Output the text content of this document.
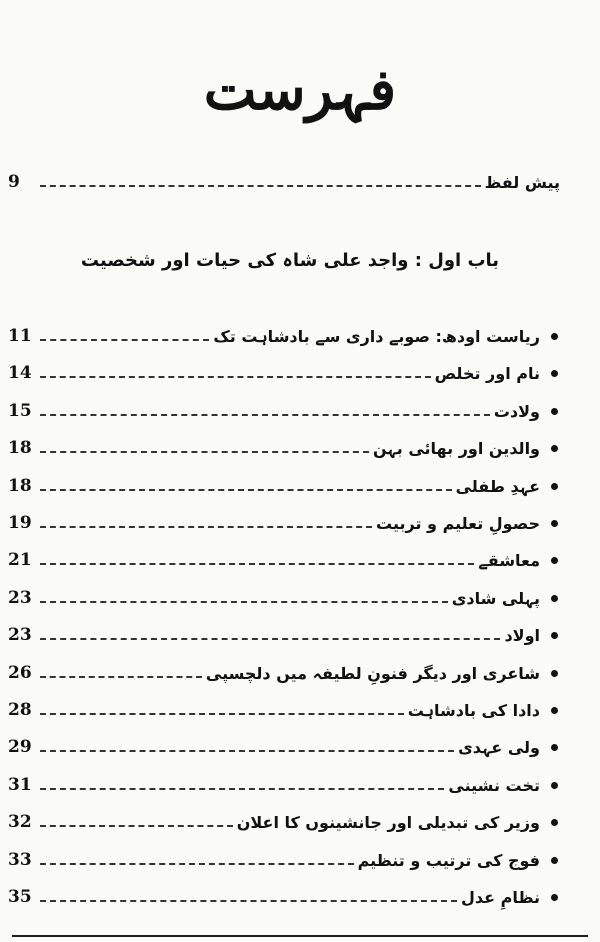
فہرست
9	پیش لفظ
باب اول : واجد علی شاہ کی حیات اور شخصیت
11	ریاست اودھ: صوبے داری سے بادشاہت تک
14	نام اور تخلص
15	ولادت
18	والدین اور بھائی بہن
18	عہدِ طفلی
19	حصولِ تعلیم و تربیت
21	معاشقے
23	پہلی شادی
23	اولاد
26	شاعری اور دیگر فنونِ لطیفہ میں دلچسپی
28	دادا کی بادشاہت
29	ولی عہدی
31	تخت نشینی
32	وزیر کی تبدیلی اور جانشینوں کا اعلان
33	فوج کی ترتیب و تنظیم
35	نظامِ عدل
